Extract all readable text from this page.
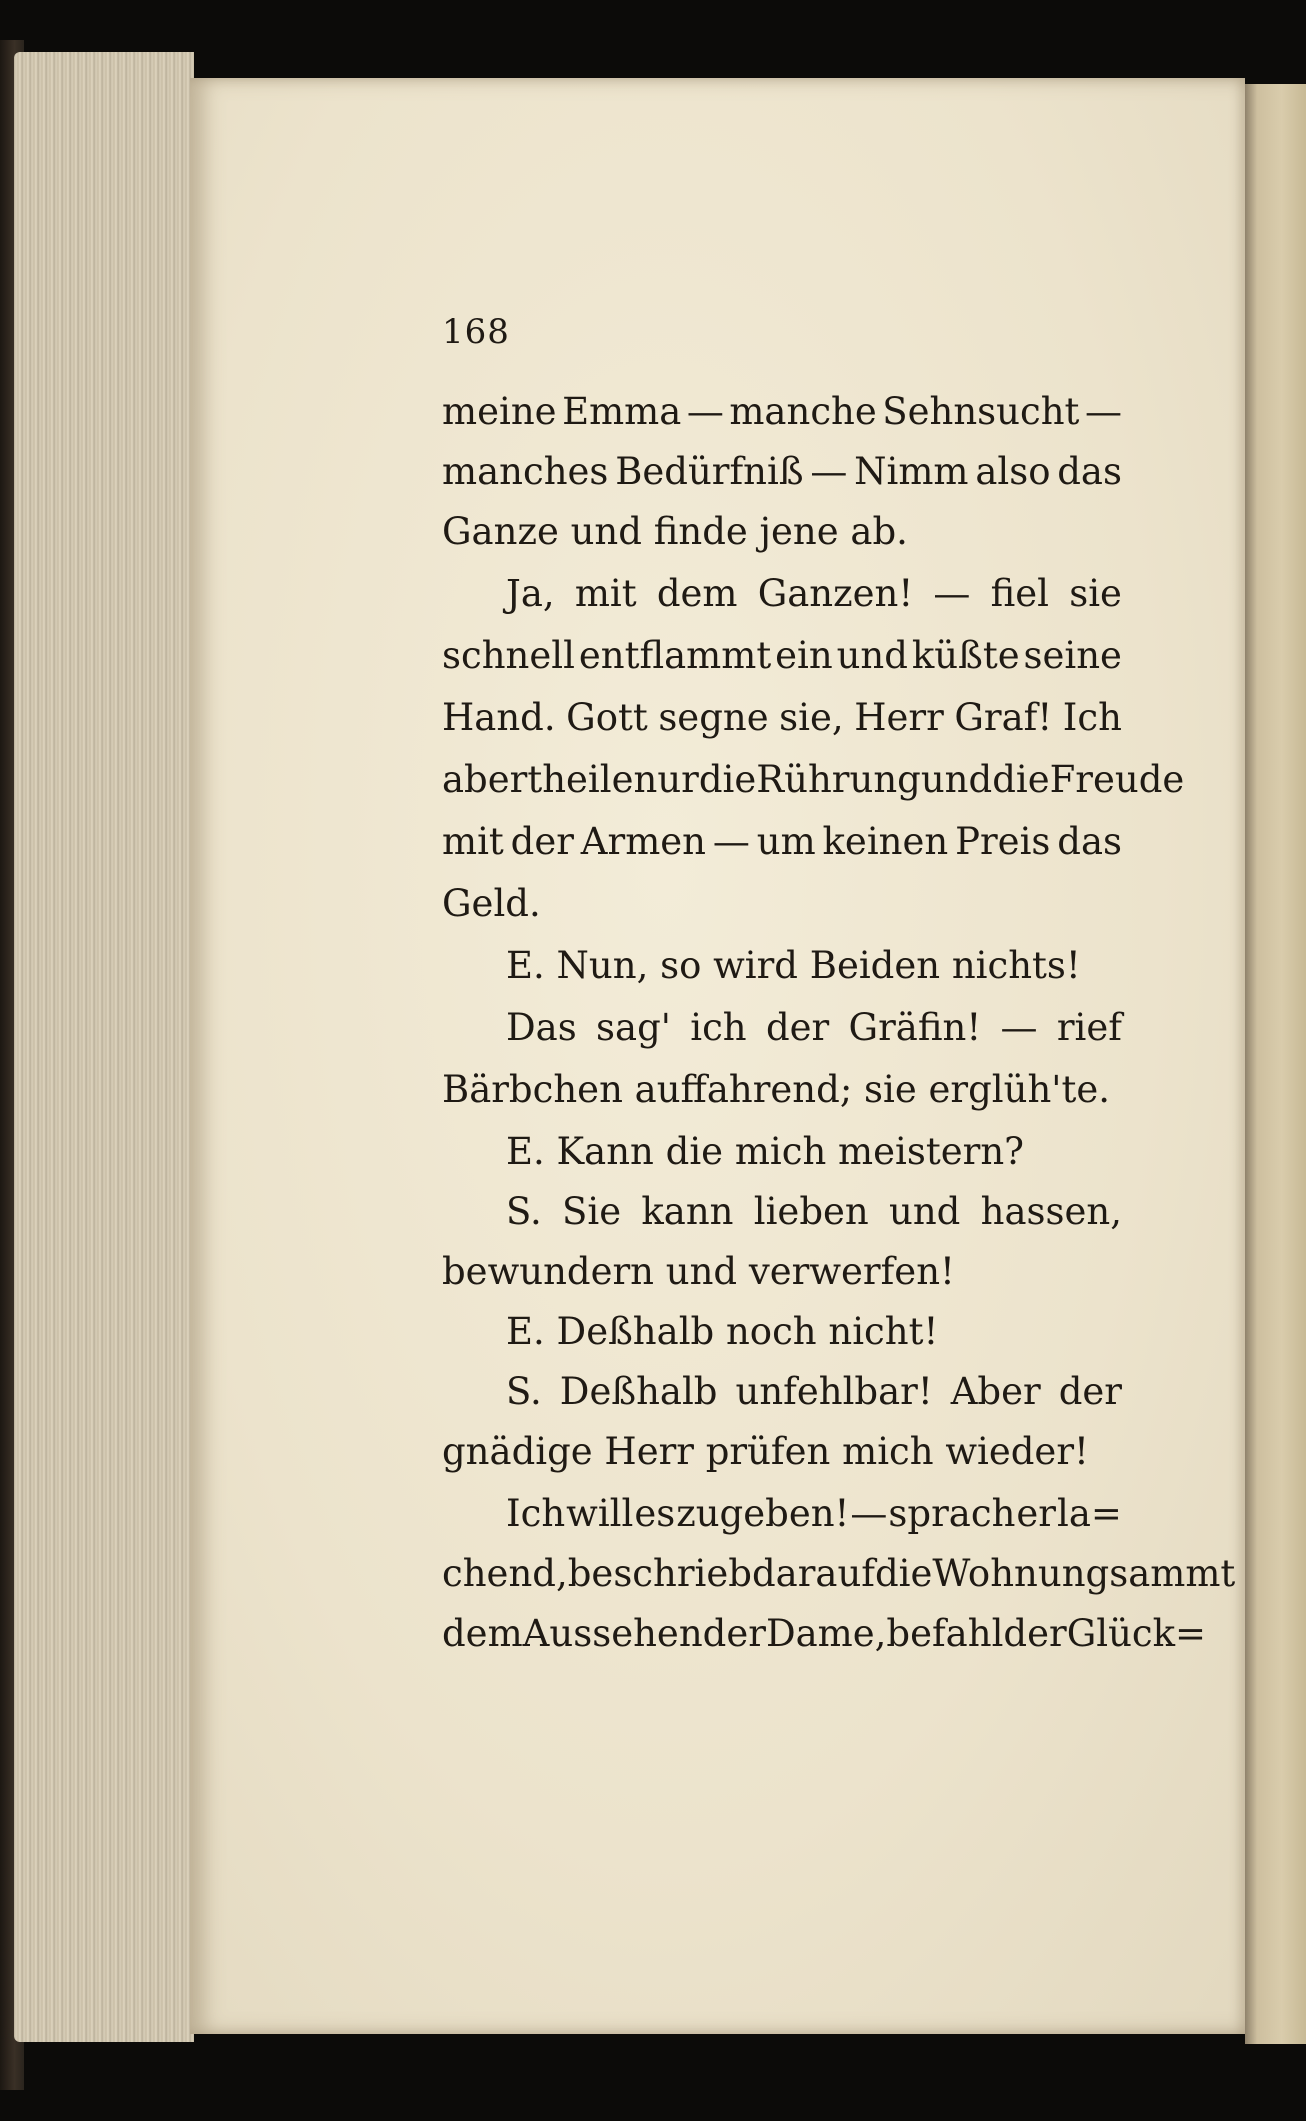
168
meine Emma — manche Sehnsucht —
manches Bedürfniß — Nimm also das
Ganze und finde jene ab.
Ja, mit dem Ganzen! — fiel sie
schnell entflammt ein und küßte seine
Hand. Gott segne sie, Herr Graf! Ich
aber theile nur die Rührung und die Freude
mit der Armen — um keinen Preis das
Geld.
E. Nun, so wird Beiden nichts!
Das sag' ich der Gräfin! — rief
Bärbchen auffahrend; sie erglüh'te.
E. Kann die mich meistern?
S. Sie kann lieben und hassen,
bewundern und verwerfen!
E. Deßhalb noch nicht!
S. Deßhalb unfehlbar! Aber der
gnädige Herr prüfen mich wieder!
Ich will es zugeben! — sprach er la=
chend, beschrieb darauf die Wohnung sammt
dem Aussehen der Dame, befahl der Glück=
